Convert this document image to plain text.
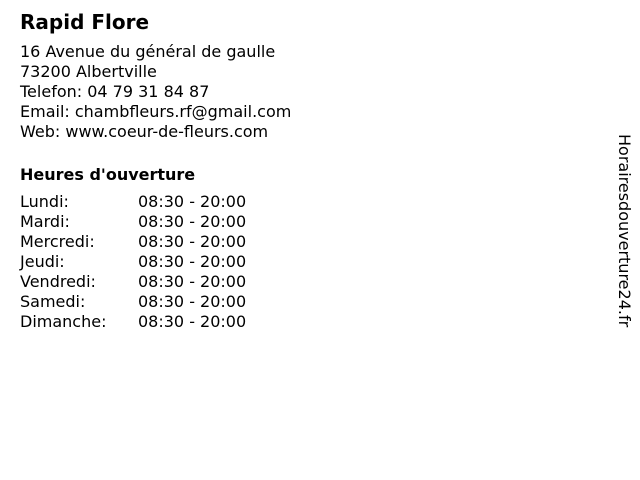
Rapid Flore
16 Avenue du général de gaulle
73200 Albertville
Telefon: 04 79 31 84 87
Email: chambfleurs.rf@gmail.com
Web: www.coeur-de-fleurs.com
Heures d'ouverture
Lundi:	08:30 - 20:00
Mardi:	08:30 - 20:00
Mercredi:	08:30 - 20:00
Jeudi:	08:30 - 20:00
Vendredi:	08:30 - 20:00
Samedi:	08:30 - 20:00
Dimanche:	08:30 - 20:00	Horairesdouverture24.fr
